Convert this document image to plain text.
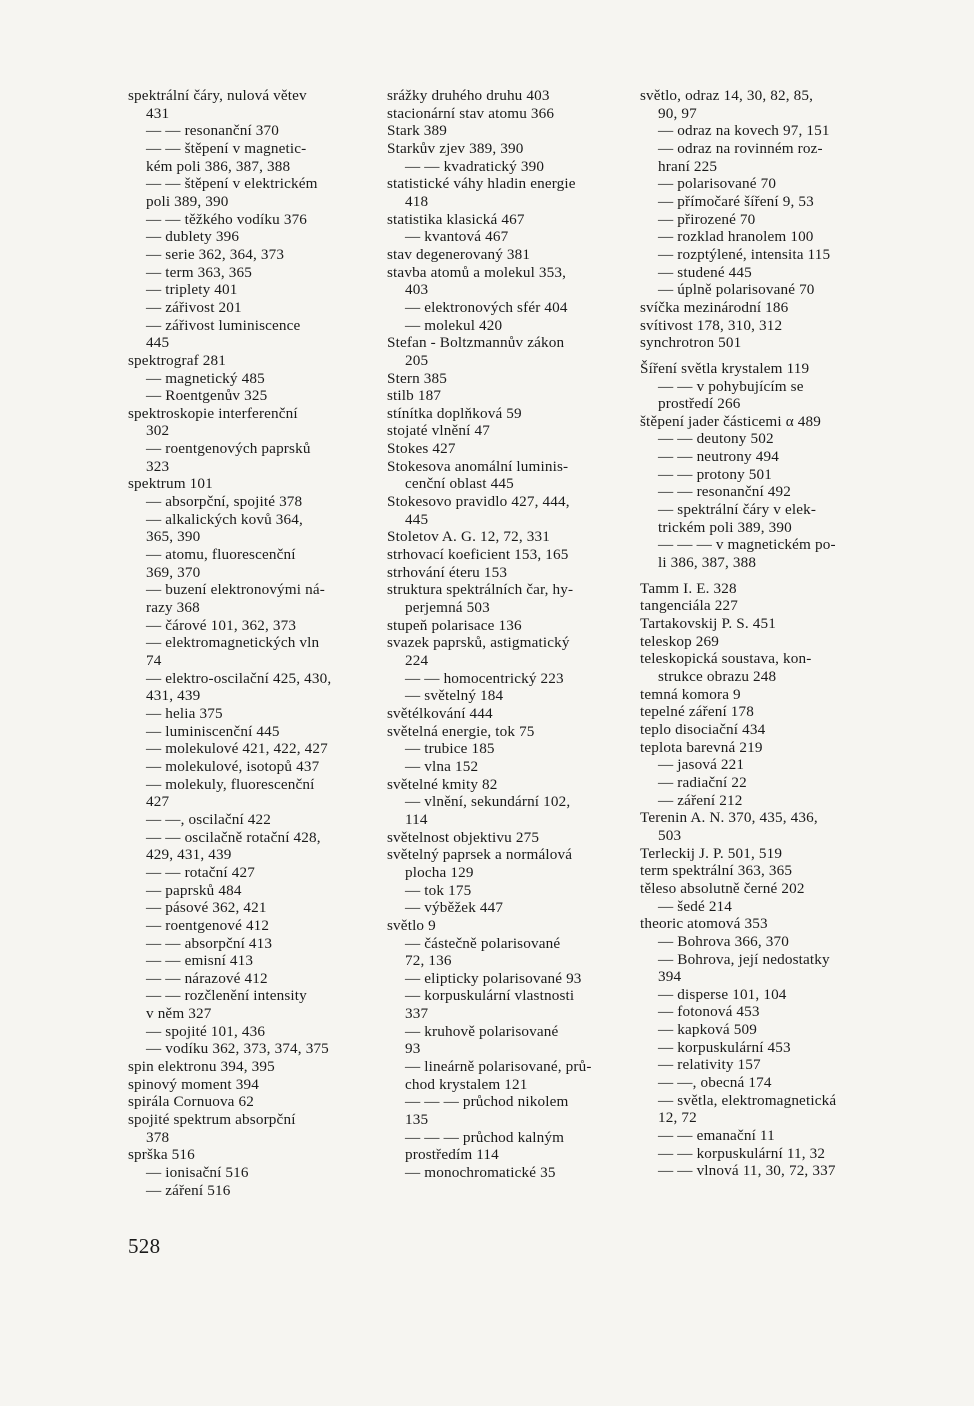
spektrální čáry, nulová větev
431
— — resonanční 370
— — štěpení v magnetic-
kém poli 386, 387, 388
— — štěpení v elektrickém
poli 389, 390
— — těžkého vodíku 376
— dublety 396
— serie 362, 364, 373
— term 363, 365
— triplety 401
— zářivost 201
— zářivost luminiscence
445
spektrograf 281
— magnetický 485
— Roentgenův 325
spektroskopie interferenční
302
— roentgenových paprsků
323
spektrum 101
— absorpční, spojité 378
— alkalických kovů 364,
365, 390
— atomu, fluorescenční
369, 370
— buzení elektronovými ná-
razy 368
— čárové 101, 362, 373
— elektromagnetických vln
74
— elektro-oscilační 425, 430,
431, 439
— helia 375
— luminiscenční 445
— molekulové 421, 422, 427
— molekulové, isotopů 437
— molekuly, fluorescenční
427
— —, oscilační 422
— — oscilačně rotační 428,
429, 431, 439
— — rotační 427
— paprsků 484
— pásové 362, 421
— roentgenové 412
— — absorpční 413
— — emisní 413
— — nárazové 412
— — rozčlenění intensity
v něm 327
— spojité 101, 436
— vodíku 362, 373, 374, 375
spin elektronu 394, 395
spinový moment 394
spirála Cornuova 62
spojité spektrum absorpční
378
sprška 516
— ionisační 516
— záření 516
srážky druhého druhu 403
stacionární stav atomu 366
Stark 389
Starkův zjev 389, 390
— — kvadratický 390
statistické váhy hladin energie
418
statistika klasická 467
— kvantová 467
stav degenerovaný 381
stavba atomů a molekul 353,
403
— elektronových sfér 404
— molekul 420
Stefan - Boltzmannův zákon
205
Stern 385
stilb 187
stínítka doplňková 59
stojaté vlnění 47
Stokes 427
Stokesova anomální luminis-
cenční oblast 445
Stokesovo pravidlo 427, 444,
445
Stoletov A. G. 12, 72, 331
strhovací koeficient 153, 165
strhování éteru 153
struktura spektrálních čar, hy-
perjemná 503
stupeň polarisace 136
svazek paprsků, astigmatický
224
— — homocentrický 223
— světelný 184
světélkování 444
světelná energie, tok 75
— trubice 185
— vlna 152
světelné kmity 82
— vlnění, sekundární 102,
114
světelnost objektivu 275
světelný paprsek a normálová
plocha 129
— tok 175
— výběžek 447
světlo 9
— částečně polarisované
72, 136
— elipticky polarisované 93
— korpuskulární vlastnosti
337
— kruhově polarisované
93
— lineárně polarisované, prů-
chod krystalem 121
— — — průchod nikolem
135
— — — průchod kalným
prostředím 114
— monochromatické 35
světlo, odraz 14, 30, 82, 85,
90, 97
— odraz na kovech 97, 151
— odraz na rovinném roz-
hraní 225
— polarisované 70
— přímočaré šíření 9, 53
— přirozené 70
— rozklad hranolem 100
— rozptýlené, intensita 115
— studené 445
— úplně polarisované 70
svíčka mezinárodní 186
svítivost 178, 310, 312
synchrotron 501
Šíření světla krystalem 119
— — v pohybujícím se
prostředí 266
štěpení jader částicemi α 489
— — deutony 502
— — neutrony 494
— — protony 501
— — resonanční 492
— spektrální čáry v elek-
trickém poli 389, 390
— — — v magnetickém po-
li 386, 387, 388
Tamm I. E. 328
tangenciála 227
Tartakovskij P. S. 451
teleskop 269
teleskopická soustava, kon-
strukce obrazu 248
temná komora 9
tepelné záření 178
teplo disociační 434
teplota barevná 219
— jasová 221
— radiační 22
— záření 212
Terenin A. N. 370, 435, 436,
503
Terleckij J. P. 501, 519
term spektrální 363, 365
těleso absolutně černé 202
— šedé 214
theoric atomová 353
— Bohrova 366, 370
— Bohrova, její nedostatky
394
— disperse 101, 104
— fotonová 453
— kapková 509
— korpuskulární 453
— relativity 157
— —, obecná 174
— světla, elektromagnetická
12, 72
— — emanační 11
— — korpuskulární 11, 32
— — vlnová 11, 30, 72, 337
528
